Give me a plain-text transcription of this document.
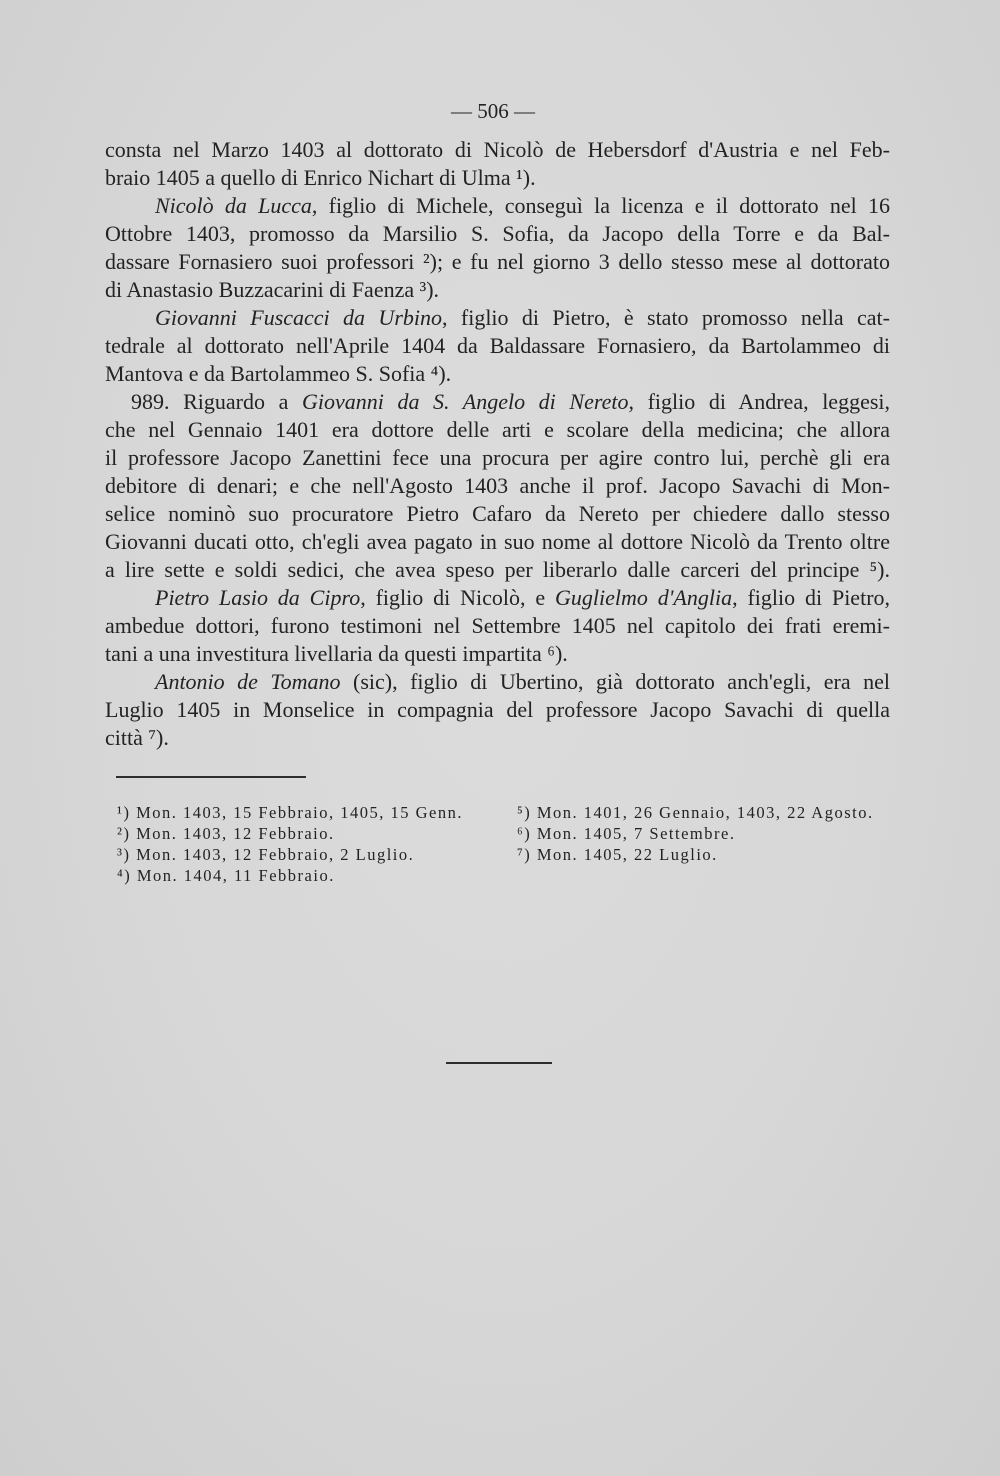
— 506 —
consta nel Marzo 1403 al dottorato di Nicolò de Hebersdorf d'Austria e nel Feb-
braio 1405 a quello di Enrico Nichart di Ulma ¹).
Nicolò da Lucca, figlio di Michele, conseguì la licenza e il dottorato nel 16
Ottobre 1403, promosso da Marsilio S. Sofia, da Jacopo della Torre e da Bal-
dassare Fornasiero suoi professori ²); e fu nel giorno 3 dello stesso mese al dottorato
di Anastasio Buzzacarini di Faenza ³).
Giovanni Fuscacci da Urbino, figlio di Pietro, è stato promosso nella cat-
tedrale al dottorato nell'Aprile 1404 da Baldassare Fornasiero, da Bartolammeo di
Mantova e da Bartolammeo S. Sofia ⁴).
989. Riguardo a Giovanni da S. Angelo di Nereto, figlio di Andrea, leggesi,
che nel Gennaio 1401 era dottore delle arti e scolare della medicina; che allora
il professore Jacopo Zanettini fece una procura per agire contro lui, perchè gli era
debitore di denari; e che nell'Agosto 1403 anche il prof. Jacopo Savachi di Mon-
selice nominò suo procuratore Pietro Cafaro da Nereto per chiedere dallo stesso
Giovanni ducati otto, ch'egli avea pagato in suo nome al dottore Nicolò da Trento oltre
a lire sette e soldi sedici, che avea speso per liberarlo dalle carceri del principe ⁵).
Pietro Lasio da Cipro, figlio di Nicolò, e Guglielmo d'Anglia, figlio di Pietro,
ambedue dottori, furono testimoni nel Settembre 1405 nel capitolo dei frati eremi-
tani a una investitura livellaria da questi impartita ⁶).
Antonio de Tomano (sic), figlio di Ubertino, già dottorato anch'egli, era nel
Luglio 1405 in Monselice in compagnia del professore Jacopo Savachi di quella
città ⁷).
¹) Mon. 1403, 15 Febbraio, 1405, 15 Genn.
²) Mon. 1403, 12 Febbraio.
³) Mon. 1403, 12 Febbraio, 2 Luglio.
⁴) Mon. 1404, 11 Febbraio.
⁵) Mon. 1401, 26 Gennaio, 1403, 22 Agosto.
⁶) Mon. 1405, 7 Settembre.
⁷) Mon. 1405, 22 Luglio.
